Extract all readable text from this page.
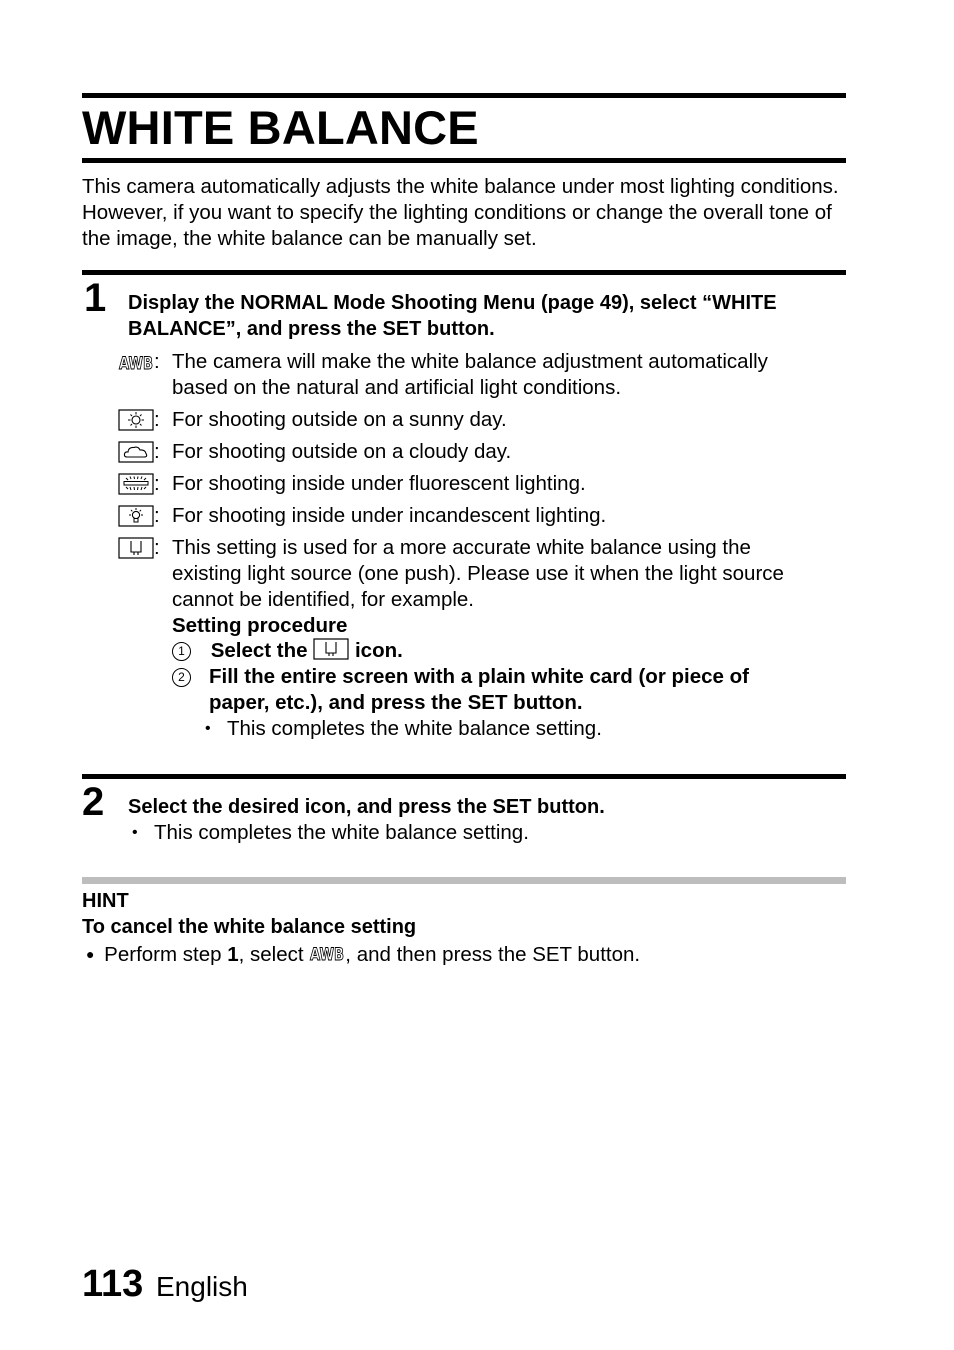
WHITE BALANCE
This camera automatically adjusts the white balance under most lighting conditions. However, if you want to specify the lighting conditions or change the overall tone of the image, the white balance can be manually set.
1 Display the NORMAL Mode Shooting Menu (page 49), select “WHITE
BALANCE”, and press the SET button.
AWB : The camera will make the white balance adjustment automatically
based on the natural and artificial light conditions.
: For shooting outside on a sunny day.
: For shooting outside on a cloudy day.
: For shooting inside under fluorescent lighting.
: For shooting inside under incandescent lighting.
: This setting is used for a more accurate white balance using the
existing light source (one push). Please use it when the light source
cannot be identified, for example.
Setting procedure
1 Select the icon.
2	Fill the entire screen with a plain white card (or piece of
paper, etc.), and press the SET button.
• This completes the white balance setting.
2 Select the desired icon, and press the SET button.
• This completes the white balance setting.
HINT
To cancel the white balance setting
● Perform step 1, select AWB , and then press the SET button.
113 English
